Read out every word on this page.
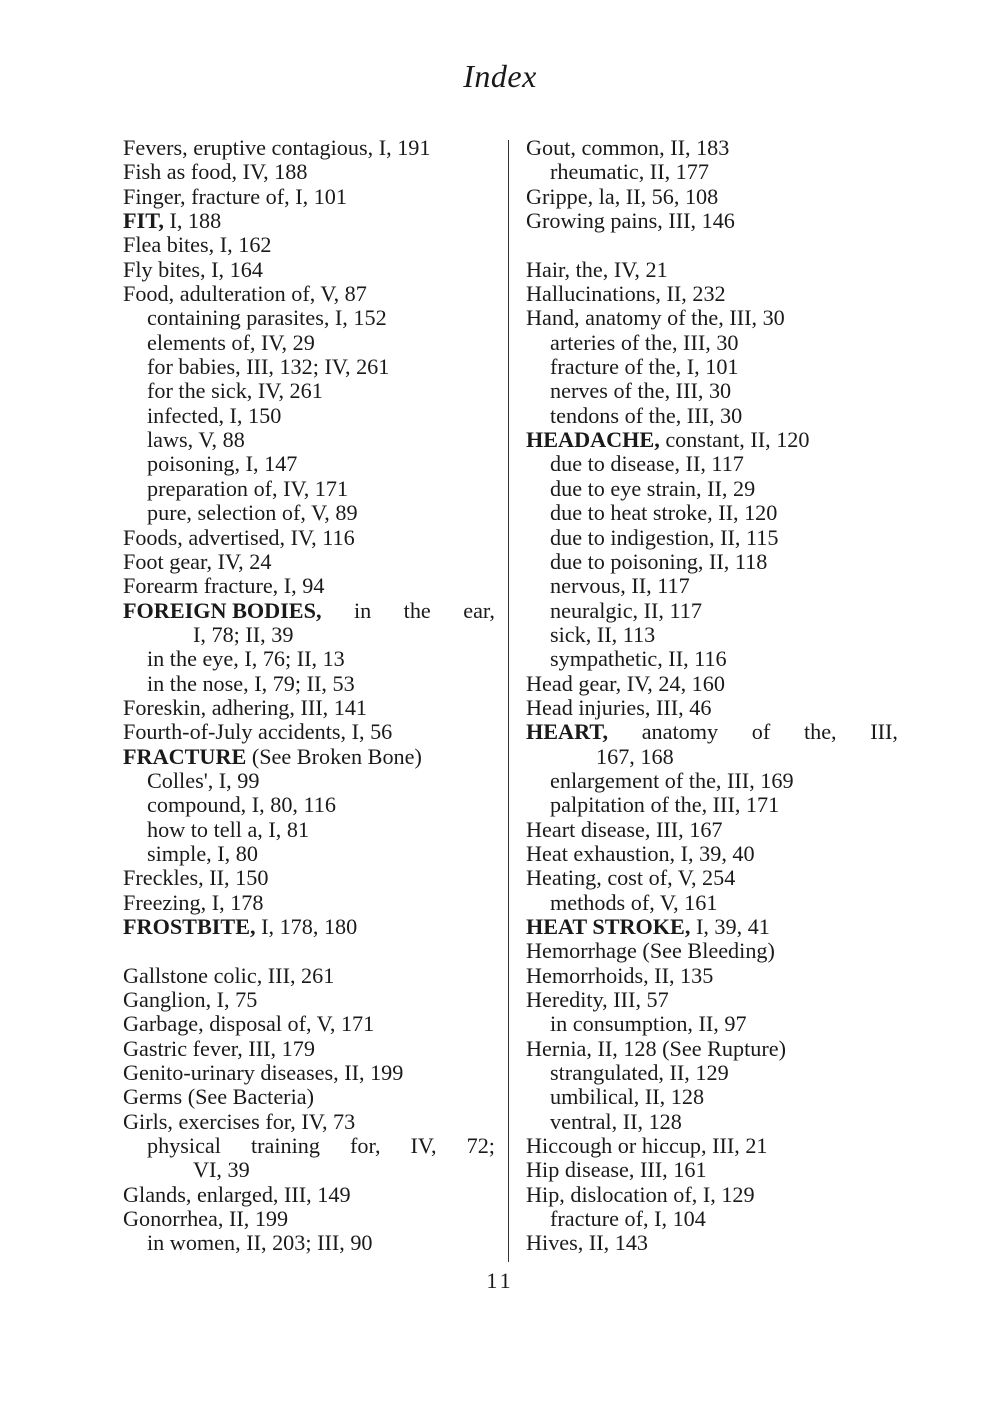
Index
Fevers, eruptive contagious, I, 191
Fish as food, IV, 188
Finger, fracture of, I, 101
FIT, I, 188
Flea bites, I, 162
Fly bites, I, 164
Food, adulteration of, V, 87
containing parasites, I, 152
elements of, IV, 29
for babies, III, 132; IV, 261
for the sick, IV, 261
infected, I, 150
laws, V, 88
poisoning, I, 147
preparation of, IV, 171
pure, selection of, V, 89
Foods, advertised, IV, 116
Foot gear, IV, 24
Forearm fracture, I, 94
FOREIGN BODIES, in the ear,
I, 78; II, 39
in the eye, I, 76; II, 13
in the nose, I, 79; II, 53
Foreskin, adhering, III, 141
Fourth-of-July accidents, I, 56
FRACTURE (See Broken Bone)
Colles', I, 99
compound, I, 80, 116
how to tell a, I, 81
simple, I, 80
Freckles, II, 150
Freezing, I, 178
FROSTBITE, I, 178, 180
Gallstone colic, III, 261
Ganglion, I, 75
Garbage, disposal of, V, 171
Gastric fever, III, 179
Genito-urinary diseases, II, 199
Germs (See Bacteria)
Girls, exercises for, IV, 73
physical training for, IV, 72;
VI, 39
Glands, enlarged, III, 149
Gonorrhea, II, 199
in women, II, 203; III, 90
Gout, common, II, 183
rheumatic, II, 177
Grippe, la, II, 56, 108
Growing pains, III, 146
Hair, the, IV, 21
Hallucinations, II, 232
Hand, anatomy of the, III, 30
arteries of the, III, 30
fracture of the, I, 101
nerves of the, III, 30
tendons of the, III, 30
HEADACHE, constant, II, 120
due to disease, II, 117
due to eye strain, II, 29
due to heat stroke, II, 120
due to indigestion, II, 115
due to poisoning, II, 118
nervous, II, 117
neuralgic, II, 117
sick, II, 113
sympathetic, II, 116
Head gear, IV, 24, 160
Head injuries, III, 46
HEART, anatomy of the, III,
167, 168
enlargement of the, III, 169
palpitation of the, III, 171
Heart disease, III, 167
Heat exhaustion, I, 39, 40
Heating, cost of, V, 254
methods of, V, 161
HEAT STROKE, I, 39, 41
Hemorrhage (See Bleeding)
Hemorrhoids, II, 135
Heredity, III, 57
in consumption, II, 97
Hernia, II, 128 (See Rupture)
strangulated, II, 129
umbilical, II, 128
ventral, II, 128
Hiccough or hiccup, III, 21
Hip disease, III, 161
Hip, dislocation of, I, 129
fracture of, I, 104
Hives, II, 143
11
